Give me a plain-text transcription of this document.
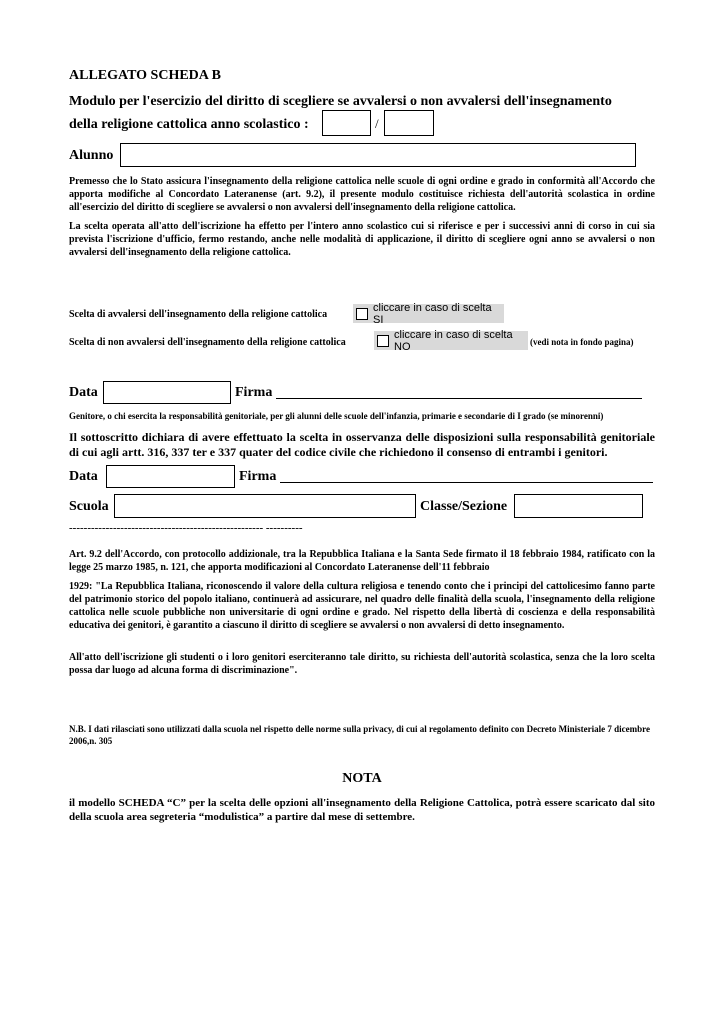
ALLEGATO SCHEDA B
Modulo per l'esercizio del diritto di scegliere se avvalersi o non avvalersi dell'insegnamento
della religione cattolica anno scolastico :	/
Alunno
Premesso che lo Stato assicura l'insegnamento della religione cattolica nelle scuole di ogni ordine e grado in conformità all'Accordo che apporta modifiche al Concordato Lateranense (art. 9.2), il presente modulo costituisce richiesta dell'autorità scolastica in ordine all'esercizio del diritto di scegliere se avvalersi o non avvalersi dell'insegnamento della religione cattolica.
La scelta operata all'atto dell'iscrizione ha effetto per l'intero anno scolastico cui si riferisce e per i successivi anni di corso in cui sia prevista l'iscrizione d'ufficio, fermo restando, anche nelle modalità di applicazione, il diritto di scegliere ogni anno se avvalersi o non avvalersi dell'insegnamento della religione cattolica.
Scelta di avvalersi dell'insegnamento della religione cattolica
cliccare in caso di scelta SI
Scelta di non avvalersi dell'insegnamento della religione cattolica
cliccare in caso di scelta NO	(vedi nota in fondo pagina)
Data	Firma
Genitore, o chi esercita la responsabilità genitoriale, per gli alunni delle scuole dell'infanzia, primarie e secondarie di I grado (se minorenni)
Il sottoscritto dichiara di avere effettuato la scelta in osservanza delle disposizioni sulla responsabilità genitoriale di cui agli artt. 316, 337 ter e 337 quater del codice civile che richiedono il consenso di entrambi i genitori.
Data	Firma
Scuola	Classe/Sezione
----------------------------------------------------- ----------
Art. 9.2 dell'Accordo, con protocollo addizionale, tra la Repubblica Italiana e la Santa Sede firmato il 18 febbraio 1984, ratificato con la legge 25 marzo 1985, n. 121, che apporta modificazioni al Concordato Lateranense dell'11 febbraio
1929: "La Repubblica Italiana, riconoscendo il valore della cultura religiosa e tenendo conto che i principi del cattolicesimo fanno parte del patrimonio storico del popolo italiano, continuerà ad assicurare, nel quadro delle finalità della scuola, l'insegnamento della religione cattolica nelle scuole pubbliche non universitarie di ogni ordine e grado. Nel rispetto della libertà di coscienza e della responsabilità educativa dei genitori, è garantito a ciascuno il diritto di scegliere se avvalersi o non avvalersi di detto insegnamento.
All'atto dell'iscrizione gli studenti o i loro genitori eserciteranno tale diritto, su richiesta dell'autorità scolastica, senza che la loro scelta possa dar luogo ad alcuna forma di discriminazione".
N.B. I dati rilasciati sono utilizzati dalla scuola nel rispetto delle norme sulla privacy, di cui al regolamento definito con Decreto Ministeriale 7 dicembre 2006,n. 305
NOTA
il modello SCHEDA “C” per la scelta delle opzioni all'insegnamento della Religione Cattolica, potrà essere scaricato dal sito della scuola area segreteria “modulistica” a partire dal mese di settembre.
